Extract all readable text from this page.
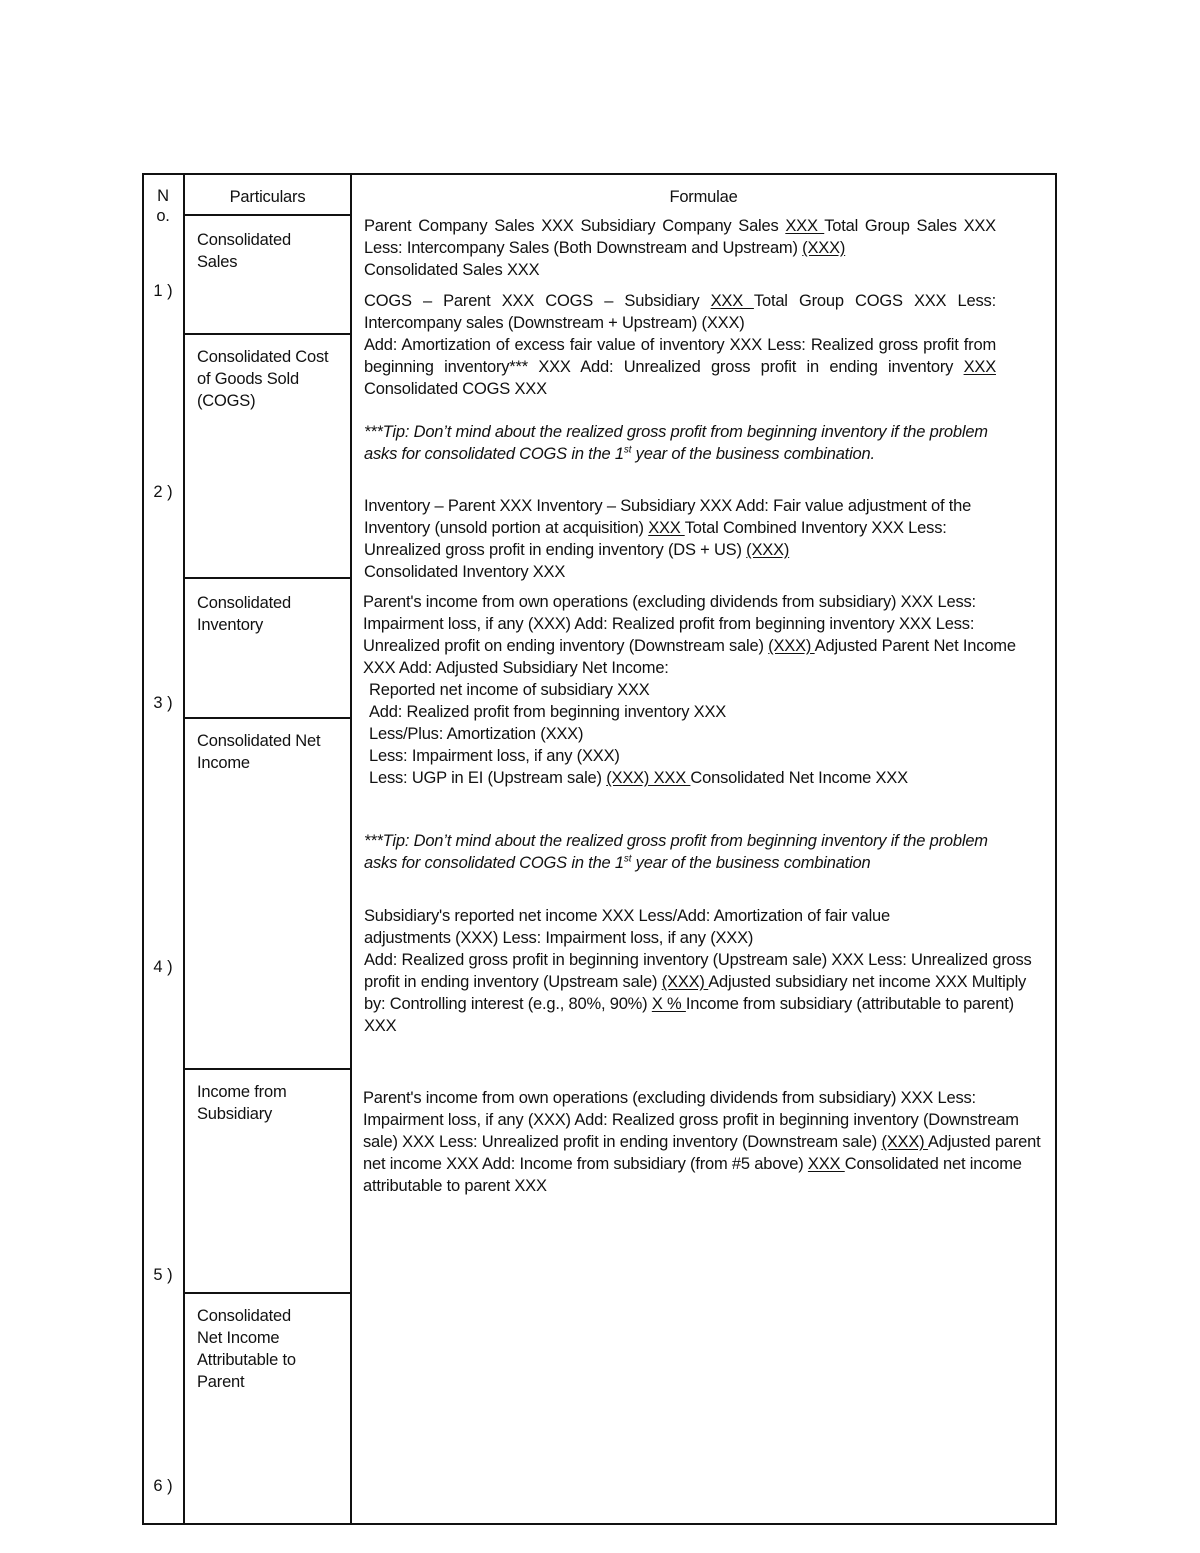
N o.
Particulars	Formulae
1 )
2 )
3 )
4 )
5 )
6 )
Consolidated Sales
Consolidated Cost of Goods Sold (COGS)
Consolidated Inventory
Consolidated Net Income
Income from Subsidiary
Consolidated Net Income Attributable to Parent
Parent Company Sales XXX Subsidiary Company Sales XXX Total Group Sales XXX Less: Intercompany Sales (Both Downstream and Upstream) (XXX)
Consolidated Sales XXX
COGS – Parent XXX COGS – Subsidiary XXX Total Group COGS XXX Less: Intercompany sales (Downstream + Upstream) (XXX)
Add: Amortization of excess fair value of inventory XXX Less: Realized gross profit from beginning inventory*** XXX Add: Unrealized gross profit in ending inventory XXX Consolidated COGS XXX
***Tip: Don’t mind about the realized gross profit from beginning inventory if the problem asks for consolidated COGS in the 1st year of the business combination.
Inventory – Parent XXX Inventory – Subsidiary XXX Add: Fair value adjustment of the Inventory (unsold portion at acquisition) XXX Total Combined Inventory XXX Less: Unrealized gross profit in ending inventory (DS + US) (XXX)
Consolidated Inventory XXX
Parent's income from own operations (excluding dividends from subsidiary) XXX Less: Impairment loss, if any (XXX) Add: Realized profit from beginning inventory XXX Less: Unrealized profit on ending inventory (Downstream sale) (XXX) Adjusted Parent Net Income XXX Add: Adjusted Subsidiary Net Income:
Reported net income of subsidiary XXX
Add: Realized profit from beginning inventory XXX
Less/Plus: Amortization (XXX)
Less: Impairment loss, if any (XXX)
Less: UGP in EI (Upstream sale) (XXX) XXX Consolidated Net Income XXX
***Tip: Don’t mind about the realized gross profit from beginning inventory if the problem asks for consolidated COGS in the 1st year of the business combination
Subsidiary's reported net income XXX Less/Add: Amortization of fair value adjustments (XXX) Less: Impairment loss, if any (XXX)
Add: Realized gross profit in beginning inventory (Upstream sale) XXX Less: Unrealized gross profit in ending inventory (Upstream sale) (XXX) Adjusted subsidiary net income XXX Multiply by: Controlling interest (e.g., 80%, 90%) X % Income from subsidiary (attributable to parent) XXX
Parent's income from own operations (excluding dividends from subsidiary) XXX Less: Impairment loss, if any (XXX) Add: Realized gross profit in beginning inventory (Downstream sale) XXX Less: Unrealized profit in ending inventory (Downstream sale) (XXX) Adjusted parent net income XXX Add: Income from subsidiary (from #5 above) XXX Consolidated net income attributable to parent XXX
